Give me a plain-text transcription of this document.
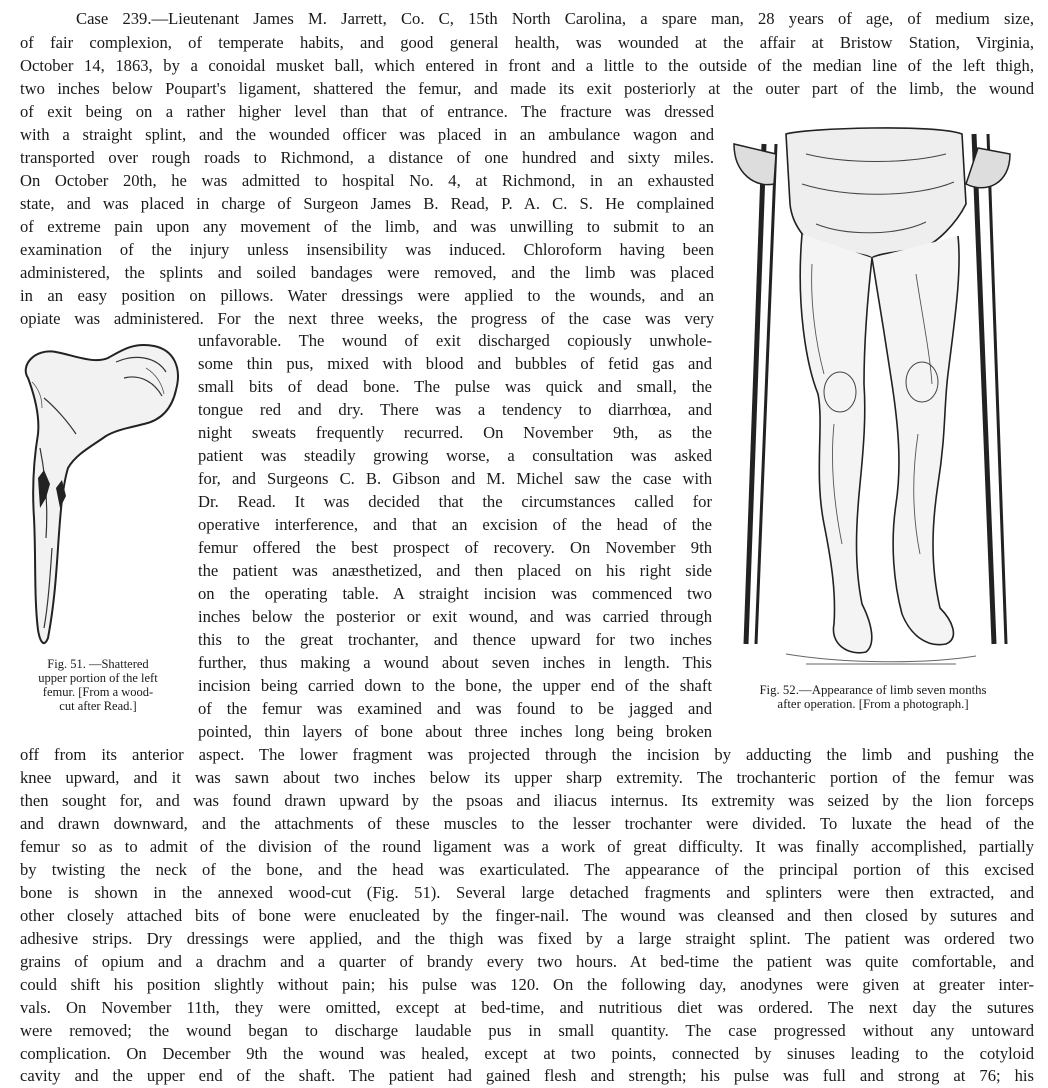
Case 239.—Lieutenant James M. Jarrett, Co. C, 15th North Carolina, a spare man, 28 years of age, of medium size,
of fair complexion, of temperate habits, and good general health, was wounded at the affair at Bristow Station, Virginia,
October 14, 1863, by a conoidal musket ball, which entered in front and a little to the outside of the median line of the left thigh,
two inches below Poupart's ligament, shattered the femur, and made its exit posteriorly at the outer part of the limb, the wound
of exit being on a rather higher level than that of entrance. The fracture was dressed
with a straight splint, and the wounded officer was placed in an ambulance wagon and
transported over rough roads to Richmond, a distance of one hundred and sixty miles.
On October 20th, he was admitted to hospital No. 4, at Richmond, in an exhausted
state, and was placed in charge of Surgeon James B. Read, P. A. C. S. He complained
of extreme pain upon any movement of the limb, and was unwilling to submit to an
examination of the injury unless insensibility was induced. Chloroform having been
administered, the splints and soiled bandages were removed, and the limb was placed
in an easy position on pillows. Water dressings were applied to the wounds, and an
opiate was administered. For the next three weeks, the progress of the case was very
unfavorable. The wound of exit discharged copiously unwhole-
some thin pus, mixed with blood and bubbles of fetid gas and
small bits of dead bone. The pulse was quick and small, the
tongue red and dry. There was a tendency to diarrhœa, and
night sweats frequently recurred. On November 9th, as the
patient was steadily growing worse, a consultation was asked
for, and Surgeons C. B. Gibson and M. Michel saw the case with
Dr. Read. It was decided that the circumstances called for
operative interference, and that an excision of the head of the
femur offered the best prospect of recovery. On November 9th
the patient was anæsthetized, and then placed on his right side
on the operating table. A straight incision was commenced two
inches below the posterior or exit wound, and was carried through
this to the great trochanter, and thence upward for two inches
further, thus making a wound about seven inches in length. This
incision being carried down to the bone, the upper end of the shaft
of the femur was examined and was found to be jagged and
pointed, thin layers of bone about three inches long being broken
off from its anterior aspect. The lower fragment was projected through the incision by adducting the limb and pushing the
knee upward, and it was sawn about two inches below its upper sharp extremity. The trochanteric portion of the femur was
then sought for, and was found drawn upward by the psoas and iliacus internus. Its extremity was seized by the lion forceps
and drawn downward, and the attachments of these muscles to the lesser trochanter were divided. To luxate the head of the
femur so as to admit of the division of the round ligament was a work of great difficulty. It was finally accomplished, partially
by twisting the neck of the bone, and the head was exarticulated. The appearance of the principal portion of this excised
bone is shown in the annexed wood-cut (Fig. 51). Several large detached fragments and splinters were then extracted, and
other closely attached bits of bone were enucleated by the finger-nail. The wound was cleansed and then closed by sutures and
adhesive strips. Dry dressings were applied, and the thigh was fixed by a large straight splint. The patient was ordered two
grains of opium and a drachm and a quarter of brandy every two hours. At bed-time the patient was quite comfortable, and
could shift his position slightly without pain; his pulse was 120. On the following day, anodynes were given at greater inter-
vals. On November 11th, they were omitted, except at bed-time, and nutritious diet was ordered. The next day the sutures
were removed; the wound began to discharge laudable pus in small quantity. The case progressed without any untoward
complication. On December 9th the wound was healed, except at two points, connected by sinuses leading to the cotyloid
cavity and the upper end of the shaft. The patient had gained flesh and strength; his pulse was full and strong at 76; his
Fig. 51. —Shattered
upper portion of the left
femur. [From a wood-
cut after Read.]
Fig. 52.—Appearance of limb seven months
after operation. [From a photograph.]
